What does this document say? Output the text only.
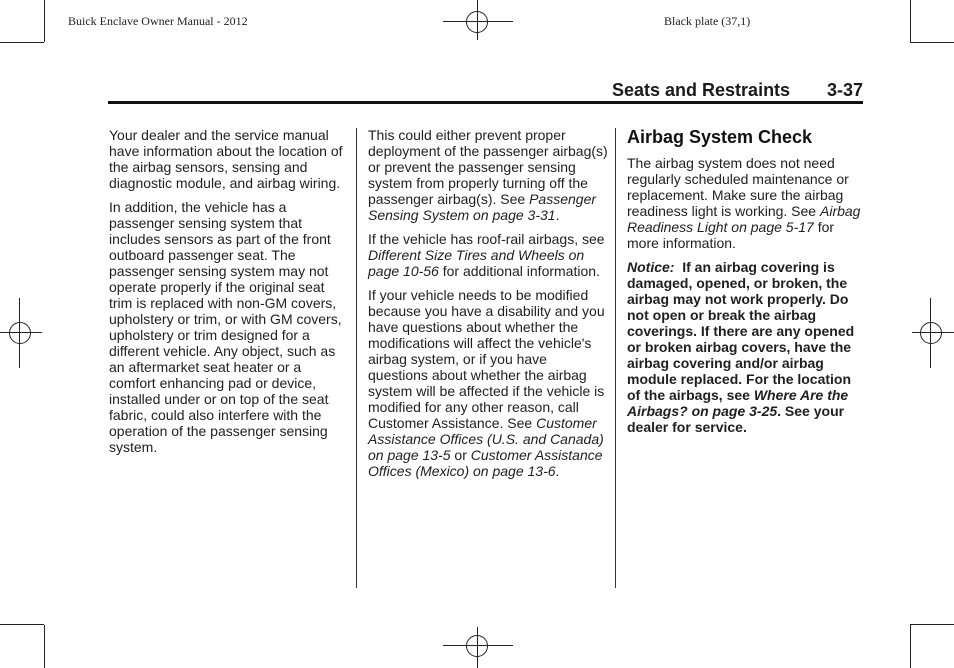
Buick Enclave Owner Manual - 2012	Black plate (37,1)
Seats and Restraints 3-37

Your dealer and the service manual have information about the location of the airbag sensors, sensing and diagnostic module, and airbag wiring.

In addition, the vehicle has a passenger sensing system that includes sensors as part of the front outboard passenger seat. The passenger sensing system may not operate properly if the original seat trim is replaced with non-GM covers, upholstery or trim, or with GM covers, upholstery or trim designed for a different vehicle. Any object, such as an aftermarket seat heater or a comfort enhancing pad or device, installed under or on top of the seat fabric, could also interfere with the operation of the passenger sensing system.

This could either prevent proper deployment of the passenger airbag(s) or prevent the passenger sensing system from properly turning off the passenger airbag(s). See Passenger Sensing System on page 3-31.

If the vehicle has roof-rail airbags, see Different Size Tires and Wheels on page 10-56 for additional information.

If your vehicle needs to be modified because you have a disability and you have questions about whether the modifications will affect the vehicle's airbag system, or if you have questions about whether the airbag system will be affected if the vehicle is modified for any other reason, call Customer Assistance. See Customer Assistance Offices (U.S. and Canada) on page 13-5 or Customer Assistance Offices (Mexico) on page 13-6.

Airbag System Check

The airbag system does not need regularly scheduled maintenance or replacement. Make sure the airbag readiness light is working. See Airbag Readiness Light on page 5-17 for more information.

Notice: If an airbag covering is damaged, opened, or broken, the airbag may not work properly. Do not open or break the airbag coverings. If there are any opened or broken airbag covers, have the airbag covering and/or airbag module replaced. For the location of the airbags, see Where Are the Airbags? on page 3-25. See your dealer for service.
